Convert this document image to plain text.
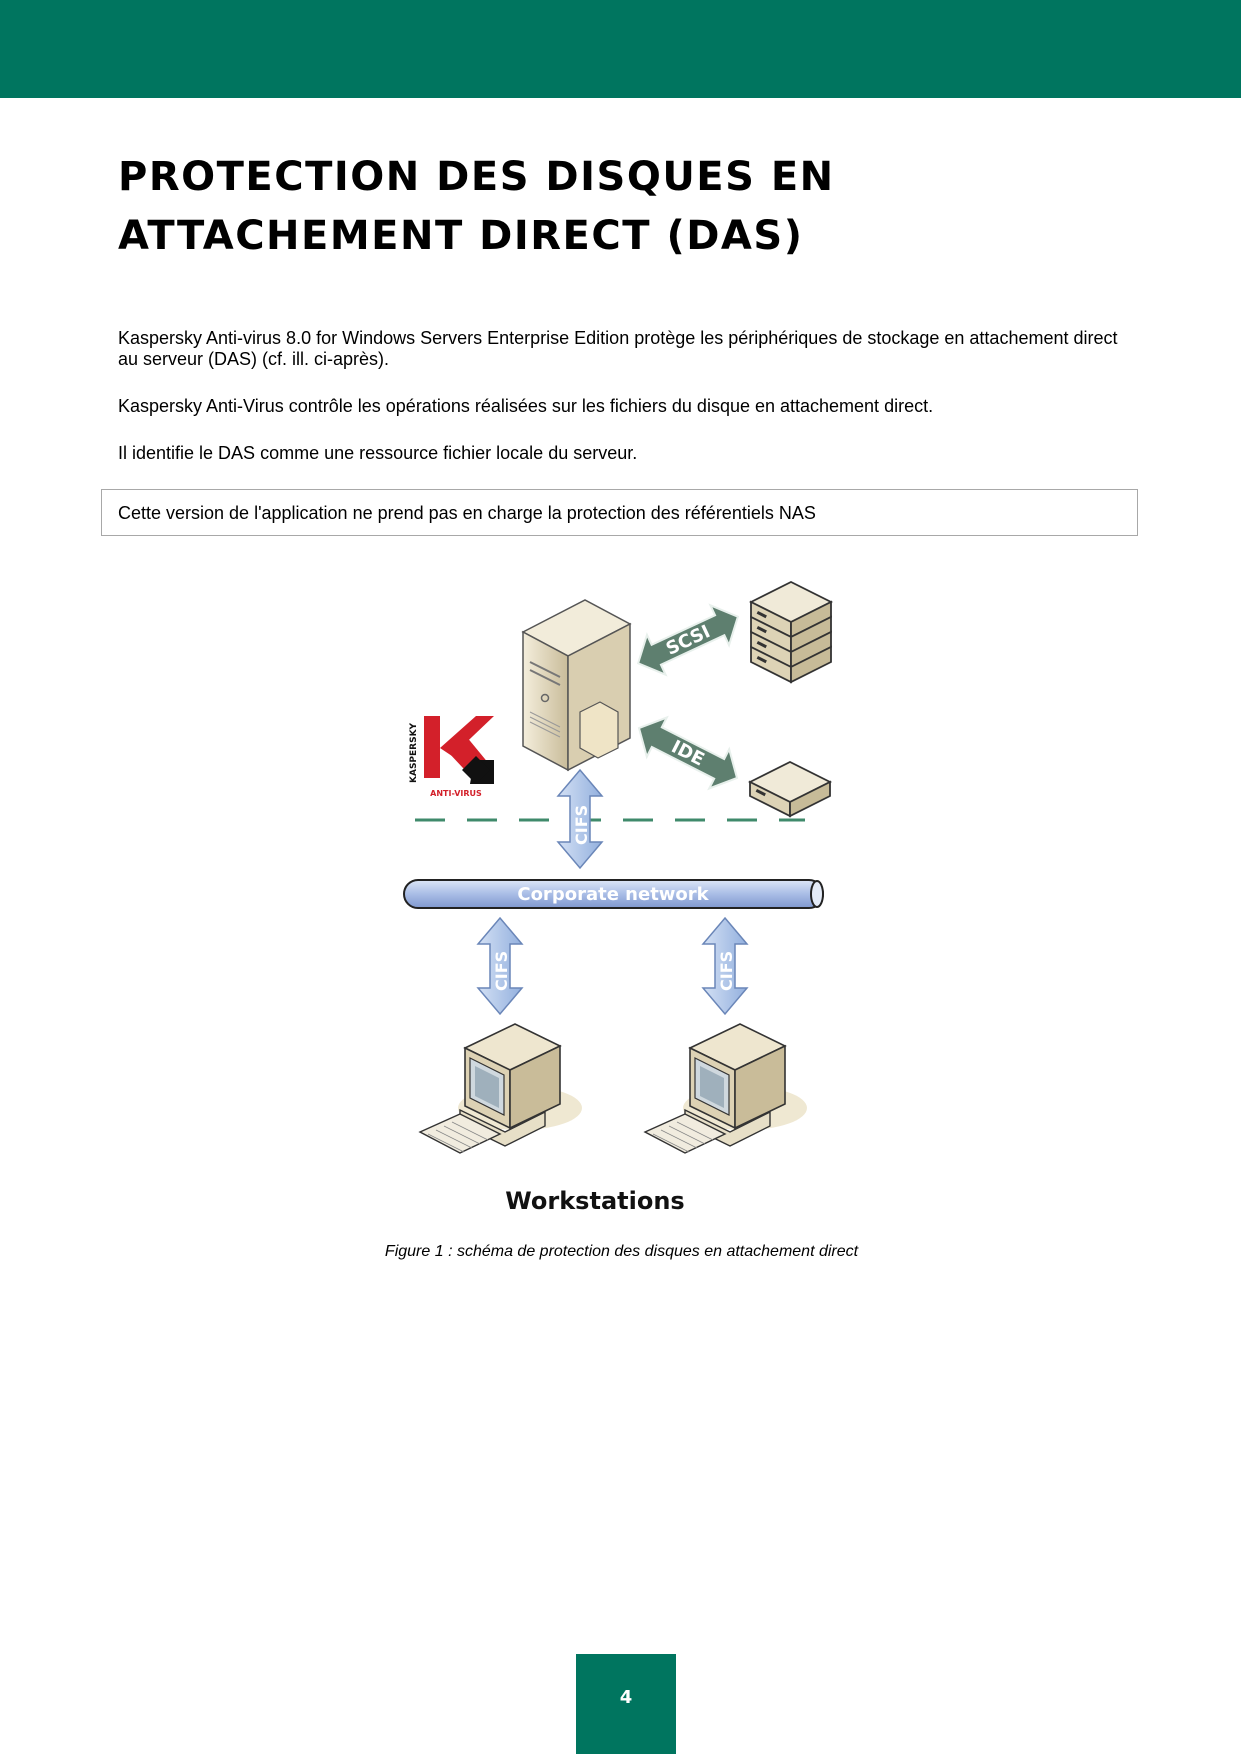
PROTECTION DES DISQUES EN
ATTACHEMENT DIRECT (DAS)

Kaspersky Anti-virus 8.0 for Windows Servers Enterprise Edition protège les périphériques de stockage en attachement direct au serveur (DAS) (cf. ill. ci-après).

Kaspersky Anti-Virus contrôle les opérations réalisées sur les fichiers du disque en attachement direct.

Il identifie le DAS comme une ressource fichier locale du serveur.

Cette version de l'application ne prend pas en charge la protection des référentiels NAS
SCSI
IDE
KASPERSKY
ANTI-VIRUS
CIFS
Corporate network
CIFS	CIFS
Workstations

Figure 1 : schéma de protection des disques en attachement direct

4
